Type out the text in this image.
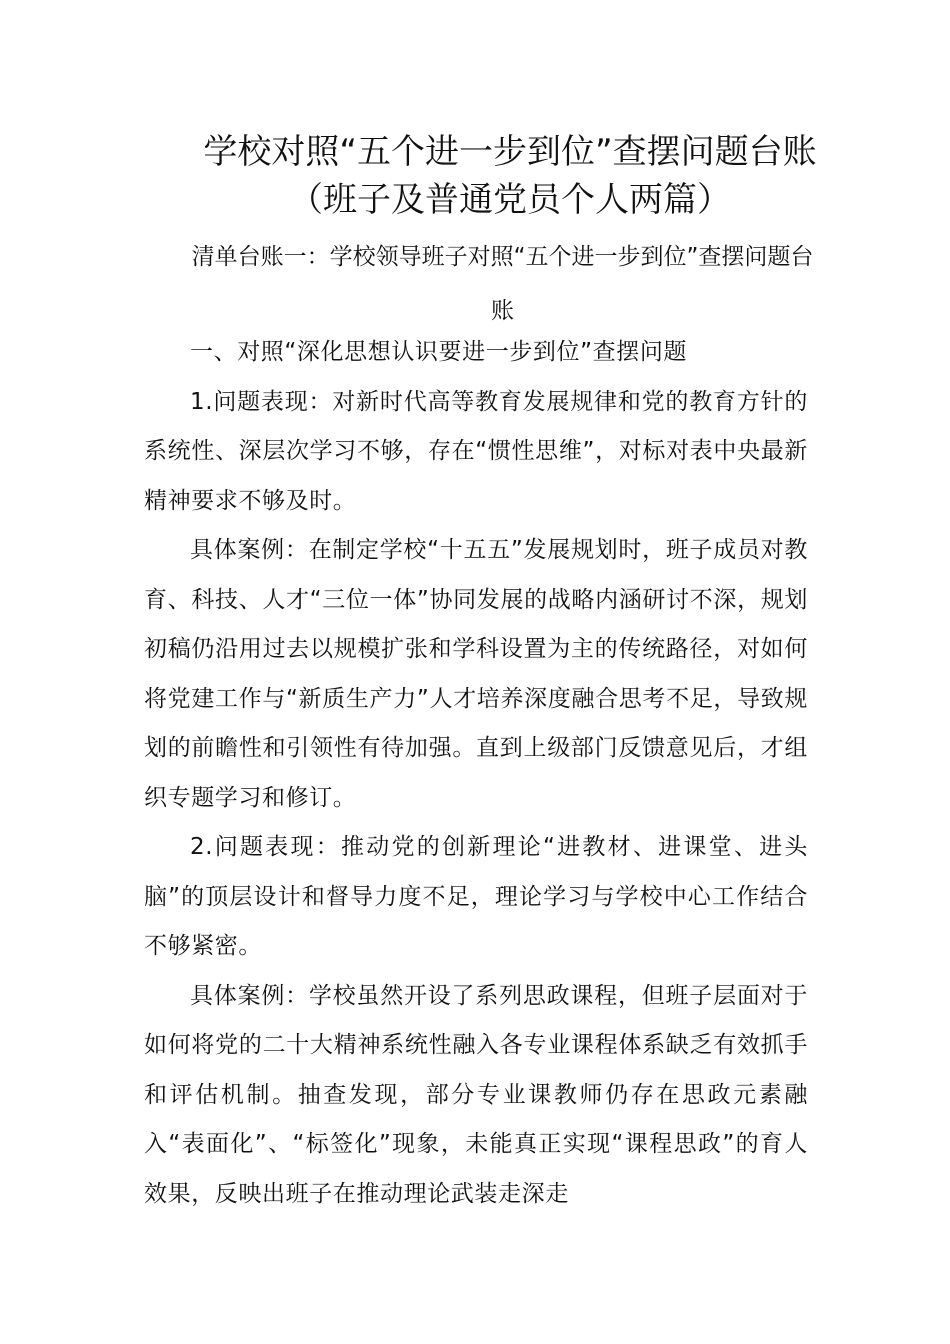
学校对照“五个进一步到位”查摆问题台账（班子及普通党员个人两篇）
清单台账一：学校领导班子对照“五个进一步到位”查摆问题台账

一、对照“深化思想认识要进一步到位”查摆问题

1.问题表现：对新时代高等教育发展规律和党的教育方针的系统性、深层次学习不够，存在“惯性思维”，对标对表中央最新精神要求不够及时。

具体案例：在制定学校“十五五”发展规划时，班子成员对教育、科技、人才“三位一体”协同发展的战略内涵研讨不深，规划初稿仍沿用过去以规模扩张和学科设置为主的传统路径，对如何将党建工作与“新质生产力”人才培养深度融合思考不足，导致规划的前瞻性和引领性有待加强。直到上级部门反馈意见后，才组织专题学习和修订。

2.问题表现：推动党的创新理论“进教材、进课堂、进头脑”的顶层设计和督导力度不足，理论学习与学校中心工作结合不够紧密。

具体案例：学校虽然开设了系列思政课程，但班子层面对于如何将党的二十大精神系统性融入各专业课程体系缺乏有效抓手和评估机制。抽查发现，部分专业课教师仍存在思政元素融入“表面化”、“标签化”现象，未能真正实现“课程思政”的育人效果，反映出班子在推动理论武装走深走
